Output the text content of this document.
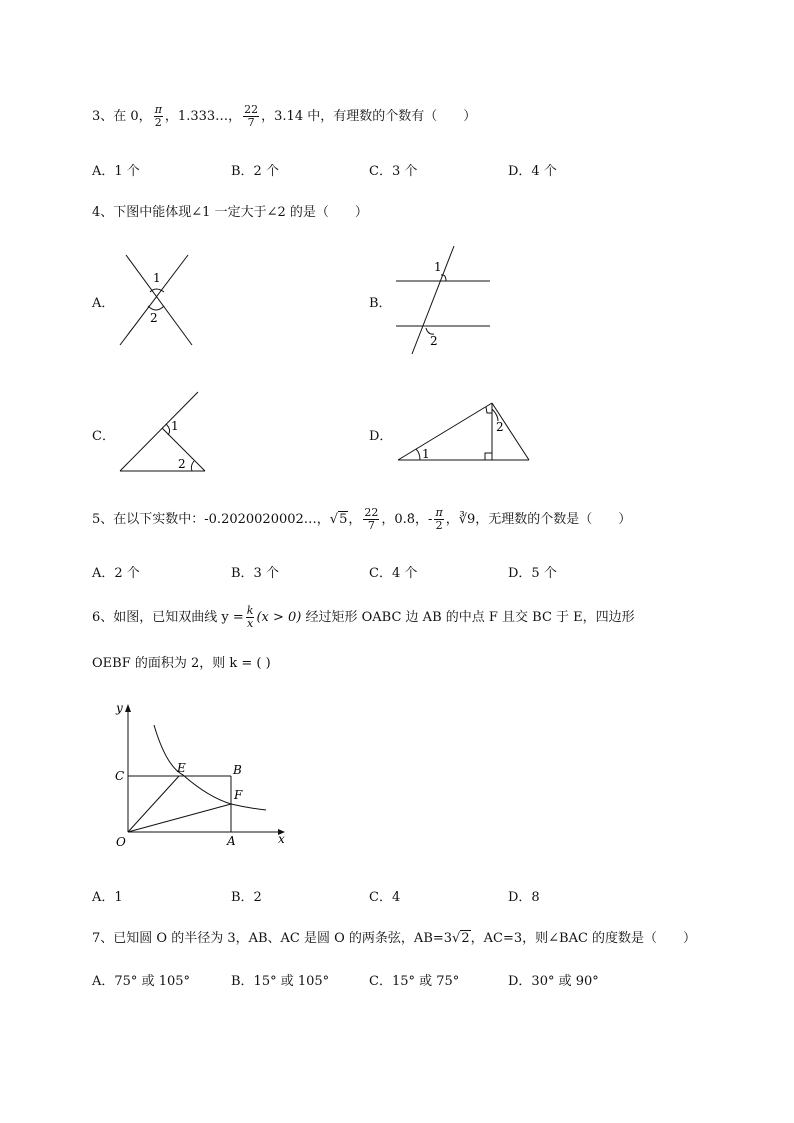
3、在 0， $\frac{\pi}{2}$ ，1.333…， $\frac{22}{7}$ ，3.14 中，有理数的个数有（　　）
A．1 个	B．2 个	C．3 个	D．4 个
4、下图中能体现∠1 一定大于∠2 的是（　　）
A．
1
2
B．
1
2
C．
1
2
D．
2
1
5、在以下实数中：-0.2020020002…，√5， $\frac{22}{7}$ ，0.8̇，- $\frac{\pi}{2}$ ，∛9，无理数的个数是（　　）
A．2 个	B．3 个	C．4 个	D．5 个
6、如图，已知双曲线 $y = \frac{k}{x} (x > 0)$ 经过矩形 OABC 边 AB 的中点 F 且交 BC 于 E，四边形
OEBF 的面积为 2，则 k = ( )
y
x
O	A
B
C
E
F
A．1	B．2	C．4	D．8
7、已知圆 O 的半径为 3，AB、AC 是圆 O 的两条弦，AB=3√2，AC=3，则∠BAC 的度数是（　　）
A．75° 或 105°	B．15° 或 105°	C．15° 或 75°	D．30° 或 90°
